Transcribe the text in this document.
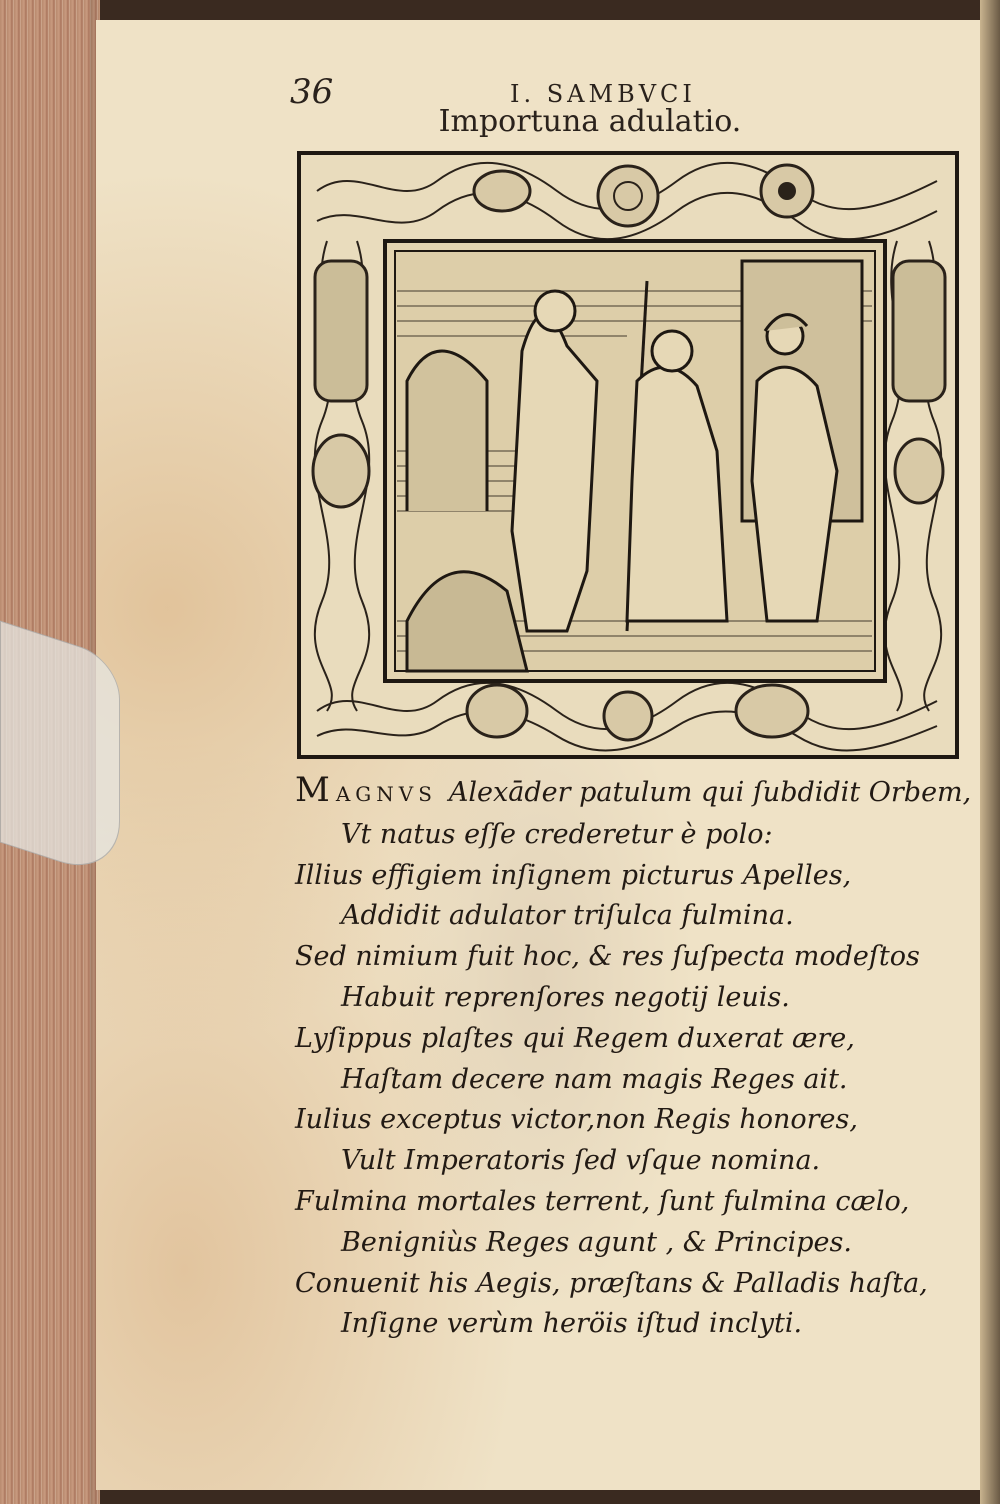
36	I. SAMBVCI
Importuna adulatio.
MAGNVS Alexāder patulum qui ſubdidit Orbem,
Vt natus eſſe crederetur è polo:
Illius effigiem inſignem picturus Apelles,
Addidit adulator triſulca fulmina.
Sed nimium fuit hoc, & res ſuſpecta modeſtos
Habuit reprenſores negotij leuis.
Lyſippus plaſtes qui Regem duxerat ære,
Haſtam decere nam magis Reges ait.
Iulius exceptus victor,non Regis honores,
Vult Imperatoris ſed vſque nomina.
Fulmina mortales terrent, ſunt fulmina cælo,
Benigniùs Reges agunt , & Principes.
Conuenit his Aegis, præſtans & Palladis haſta,
Inſigne verùm heröis iſtud inclyti.
